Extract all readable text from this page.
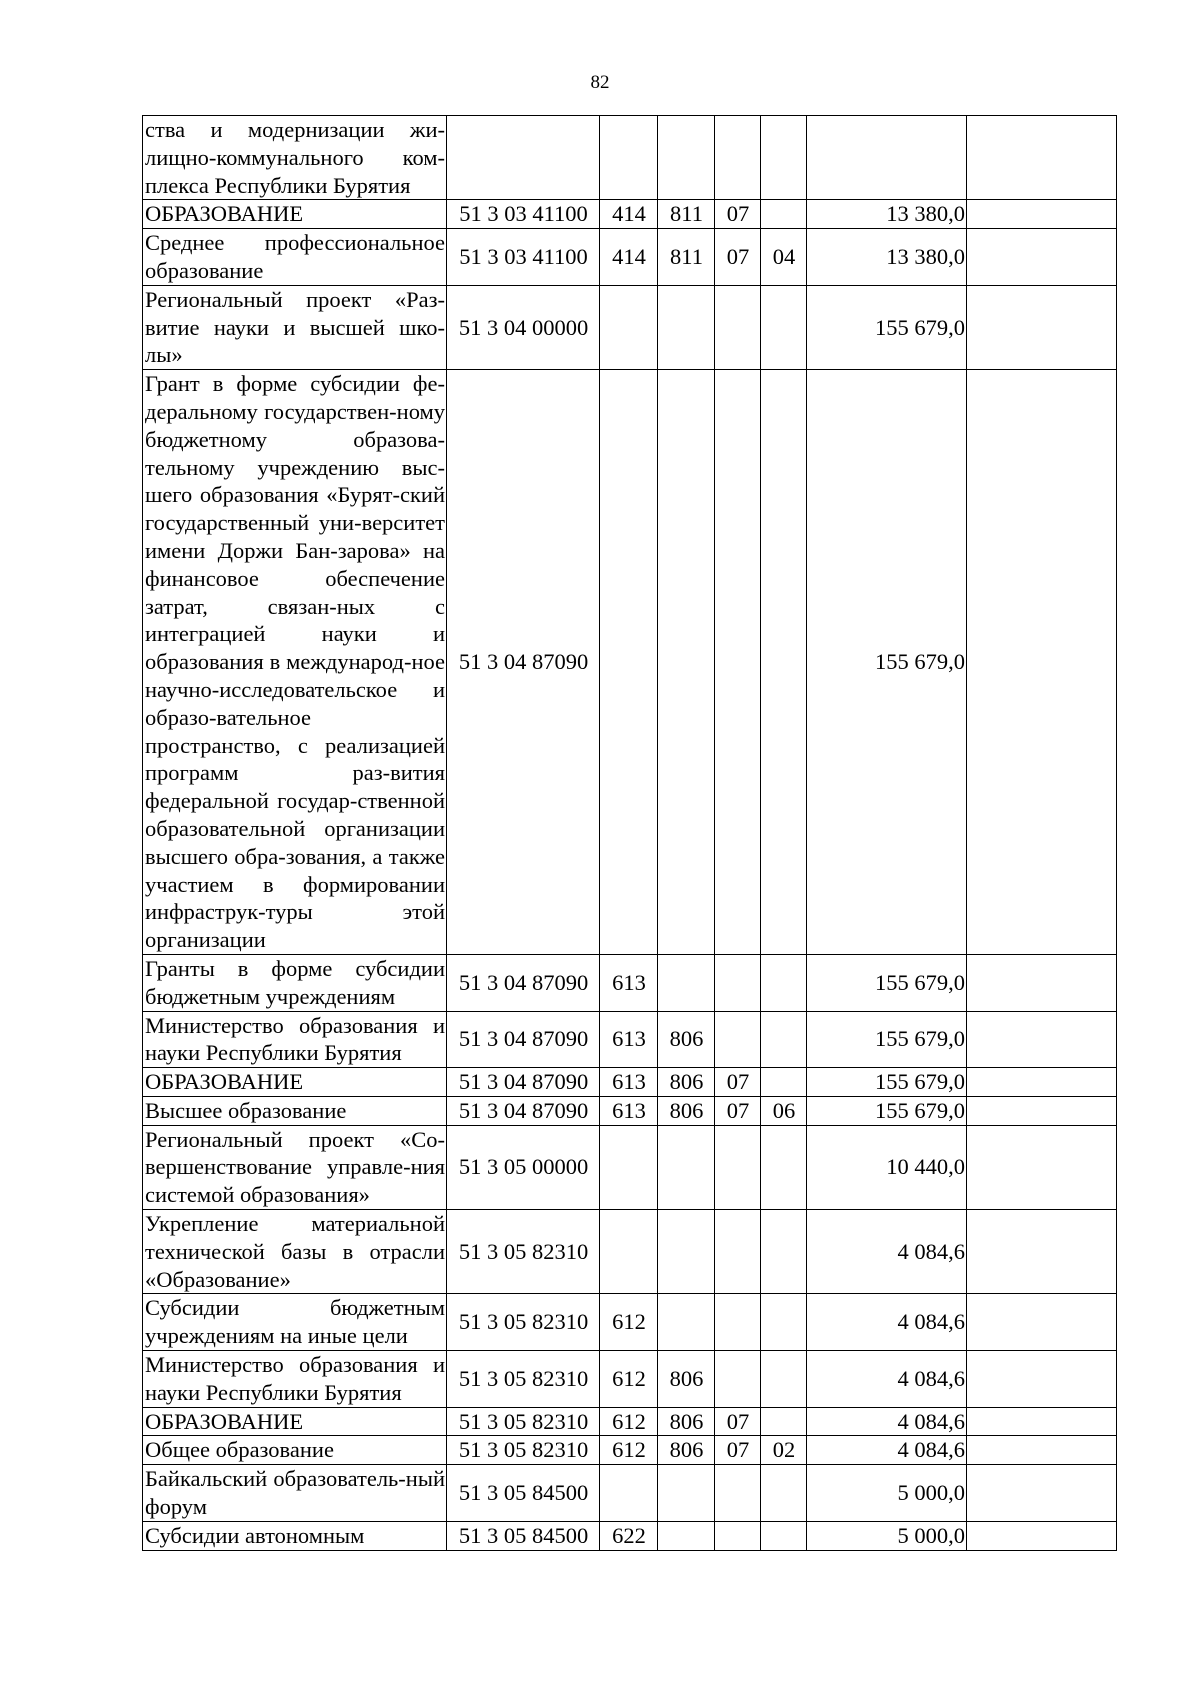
82
ства и модернизации жи-лищно-коммунального ком-плекса Республики Бурятия							
ОБРАЗОВАНИЕ	51 3 03 41100	414	811	07		13 380,0	
Среднее профессиональное образование	51 3 03 41100	414	811	07	04	13 380,0	
Региональный проект «Раз-витие науки и высшей шко-лы»	51 3 04 00000					155 679,0	
Грант в форме субсидии фе-деральному государствен-ному бюджетному образова-тельному учреждению выс-шего образования «Бурят-ский государственный уни-верситет имени Доржи Бан-зарова» на финансовое обеспечение затрат, связан-ных с интеграцией науки и образования в международ-ное научно-исследовательское и образо-вательное пространство, с реализацией программ раз-вития федеральной государ-ственной образовательной организации высшего обра-зования, а также участием в формировании инфраструк-туры этой организации	51 3 04 87090					155 679,0	
Гранты в форме субсидии бюджетным учреждениям	51 3 04 87090	613				155 679,0	
Министерство образования и науки Республики Бурятия	51 3 04 87090	613	806			155 679,0	
ОБРАЗОВАНИЕ	51 3 04 87090	613	806	07		155 679,0	
Высшее образование	51 3 04 87090	613	806	07	06	155 679,0	
Региональный проект «Со-вершенствование управле-ния системой образования»	51 3 05 00000					10 440,0	
Укрепление материальной технической базы в отрасли «Образование»	51 3 05 82310					4 084,6	
Субсидии бюджетным учреждениям на иные цели	51 3 05 82310	612				4 084,6	
Министерство образования и науки Республики Бурятия	51 3 05 82310	612	806			4 084,6	
ОБРАЗОВАНИЕ	51 3 05 82310	612	806	07		4 084,6	
Общее образование	51 3 05 82310	612	806	07	02	4 084,6	
Байкальский образователь-ный форум	51 3 05 84500					5 000,0	
Субсидии автономным	51 3 05 84500	622				5 000,0	
